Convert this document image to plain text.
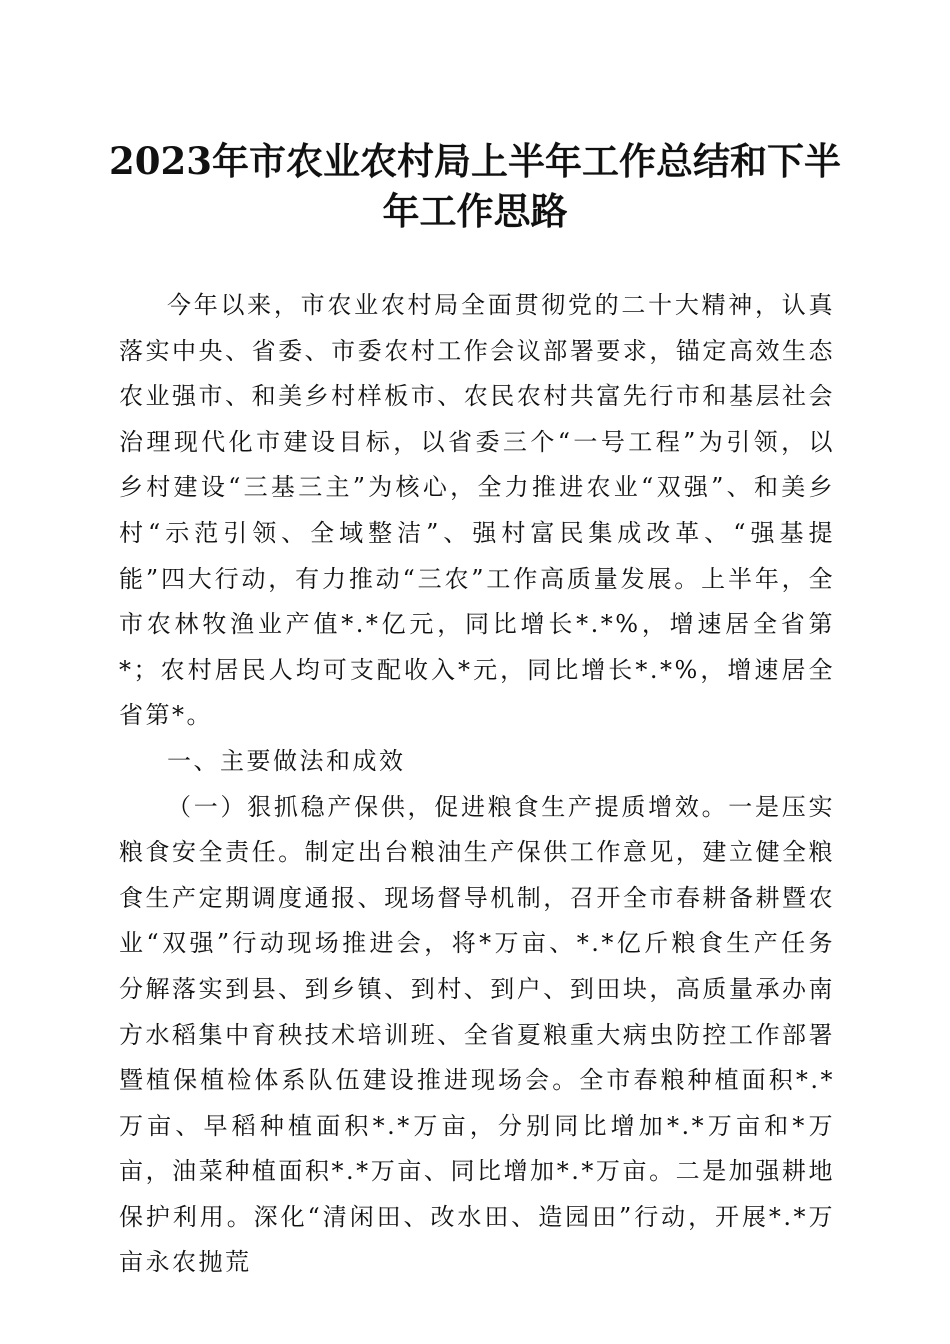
2023年市农业农村局上半年工作总结和下半
年工作思路

今年以来，市农业农村局全面贯彻党的二十大精神，认真落实中央、省委、市委农村工作会议部署要求，锚定高效生态农业强市、和美乡村样板市、农民农村共富先行市和基层社会治理现代化市建设目标，以省委三个“一号工程”为引领，以乡村建设“三基三主”为核心，全力推进农业“双强”、和美乡村“示范引领、全域整洁”、强村富民集成改革、“强基提能”四大行动，有力推动“三农”工作高质量发展。上半年，全市农林牧渔业产值*.*亿元，同比增长*.*%，增速居全省第*；农村居民人均可支配收入*元，同比增长*.*%，增速居全省第*。

一、主要做法和成效

（一）狠抓稳产保供，促进粮食生产提质增效。一是压实粮食安全责任。制定出台粮油生产保供工作意见，建立健全粮食生产定期调度通报、现场督导机制，召开全市春耕备耕暨农业“双强”行动现场推进会，将*万亩、*.*亿斤粮食生产任务分解落实到县、到乡镇、到村、到户、到田块，高质量承办南方水稻集中育秧技术培训班、全省夏粮重大病虫防控工作部署暨植保植检体系队伍建设推进现场会。全市春粮种植面积*.*万亩、早稻种植面积*.*万亩，分别同比增加*.*万亩和*万亩，油菜种植面积*.*万亩、同比增加*.*万亩。二是加强耕地保护利用。深化“清闲田、改水田、造园田”行动，开展*.*万亩永农抛荒
